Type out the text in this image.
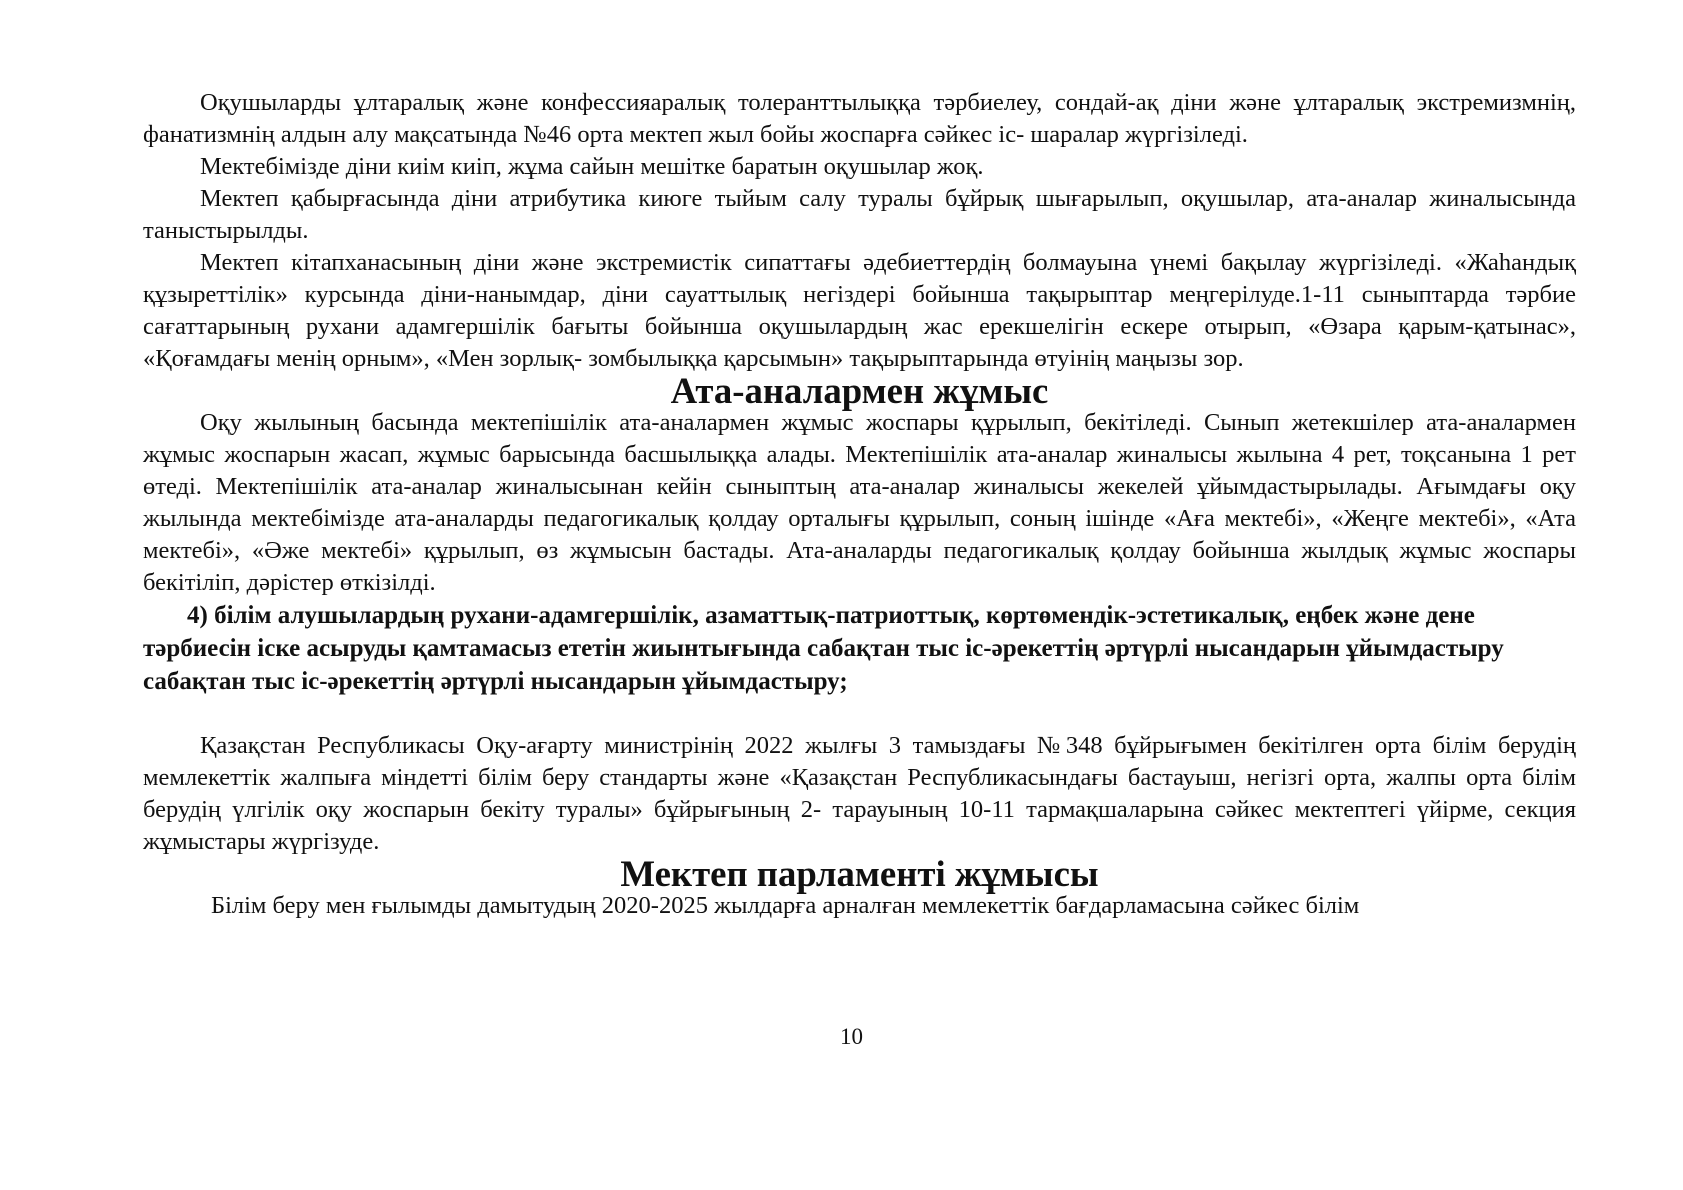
Оқушыларды ұлтаралық және конфессияаралық толеранттылыққа тәрбиелеу, сондай-ақ діни және ұлтаралық экстремизмнің, фанатизмнің алдын алу мақсатында №46 орта мектеп жыл бойы жоспарға сәйкес іс- шаралар жүргізіледі.

Мектебімізде діни киім киіп, жұма сайын мешітке баратын оқушылар жоқ.

Мектеп қабырғасында діни атрибутика киюге тыйым салу туралы бұйрық шығарылып, оқушылар, ата-аналар жиналысында таныстырылды.

Мектеп кітапханасының діни және экстремистік сипаттағы әдебиеттердің болмауына үнемі бақылау жүргізіледі. «Жаһандық құзыреттілік» курсында діни-нанымдар, діни сауаттылық негіздері бойынша тақырыптар меңгерілуде.1-11 сыныптарда тәрбие сағаттарының рухани адамгершілік бағыты бойынша оқушылардың жас ерекшелігін ескере отырып, «Өзара қарым-қатынас», «Қоғамдағы менің орным», «Мен зорлық- зомбылыққа қарсымын» тақырыптарында өтуінің маңызы зор.

Ата-аналармен жұмыс

Оқу жылының басында мектепішілік ата-аналармен жұмыс жоспары құрылып, бекітіледі. Сынып жетекшілер ата-аналармен жұмыс жоспарын жасап, жұмыс барысында басшылыққа алады. Мектепішілік ата-аналар жиналысы жылына 4 рет, тоқсанына 1 рет өтеді. Мектепішілік ата-аналар жиналысынан кейін сыныптың ата-аналар жиналысы жекелей ұйымдастырылады. Ағымдағы оқу жылында мектебімізде ата-аналарды педагогикалық қолдау орталығы құрылып, соның ішінде «Аға мектебі», «Жеңге мектебі», «Ата мектебі», «Әже мектебі» құрылып, өз жұмысын бастады. Ата-аналарды педагогикалық қолдау бойынша жылдық жұмыс жоспары бекітіліп, дәрістер өткізілді.

4) білім алушылардың рухани-адамгершілік, азаматтық-патриоттық, көртөмендік-эстетикалық, еңбек және дене тәрбиесін іске асыруды қамтамасыз ететін жиынтығында сабақтан тыс іс-әрекеттің әртүрлі нысандарын ұйымдастыру сабақтан тыс іс-әрекеттің әртүрлі нысандарын ұйымдастыру;

Қазақстан Республикасы Оқу-ағарту министрінің 2022 жылғы 3 тамыздағы №348 бұйрығымен бекітілген орта білім берудің мемлекеттік жалпыға міндетті білім беру стандарты және «Қазақстан Республикасындағы бастауыш, негізгі орта, жалпы орта білім берудің үлгілік оқу жоспарын бекіту туралы» бұйрығының 2- тарауының 10-11 тармақшаларына сәйкес мектептегі үйірме, секция жұмыстары жүргізуде.

Мектеп парламенті жұмысы

Білім беру мен ғылымды дамытудың 2020-2025 жылдарға арналған мемлекеттік бағдарламасына сәйкес білім

10
